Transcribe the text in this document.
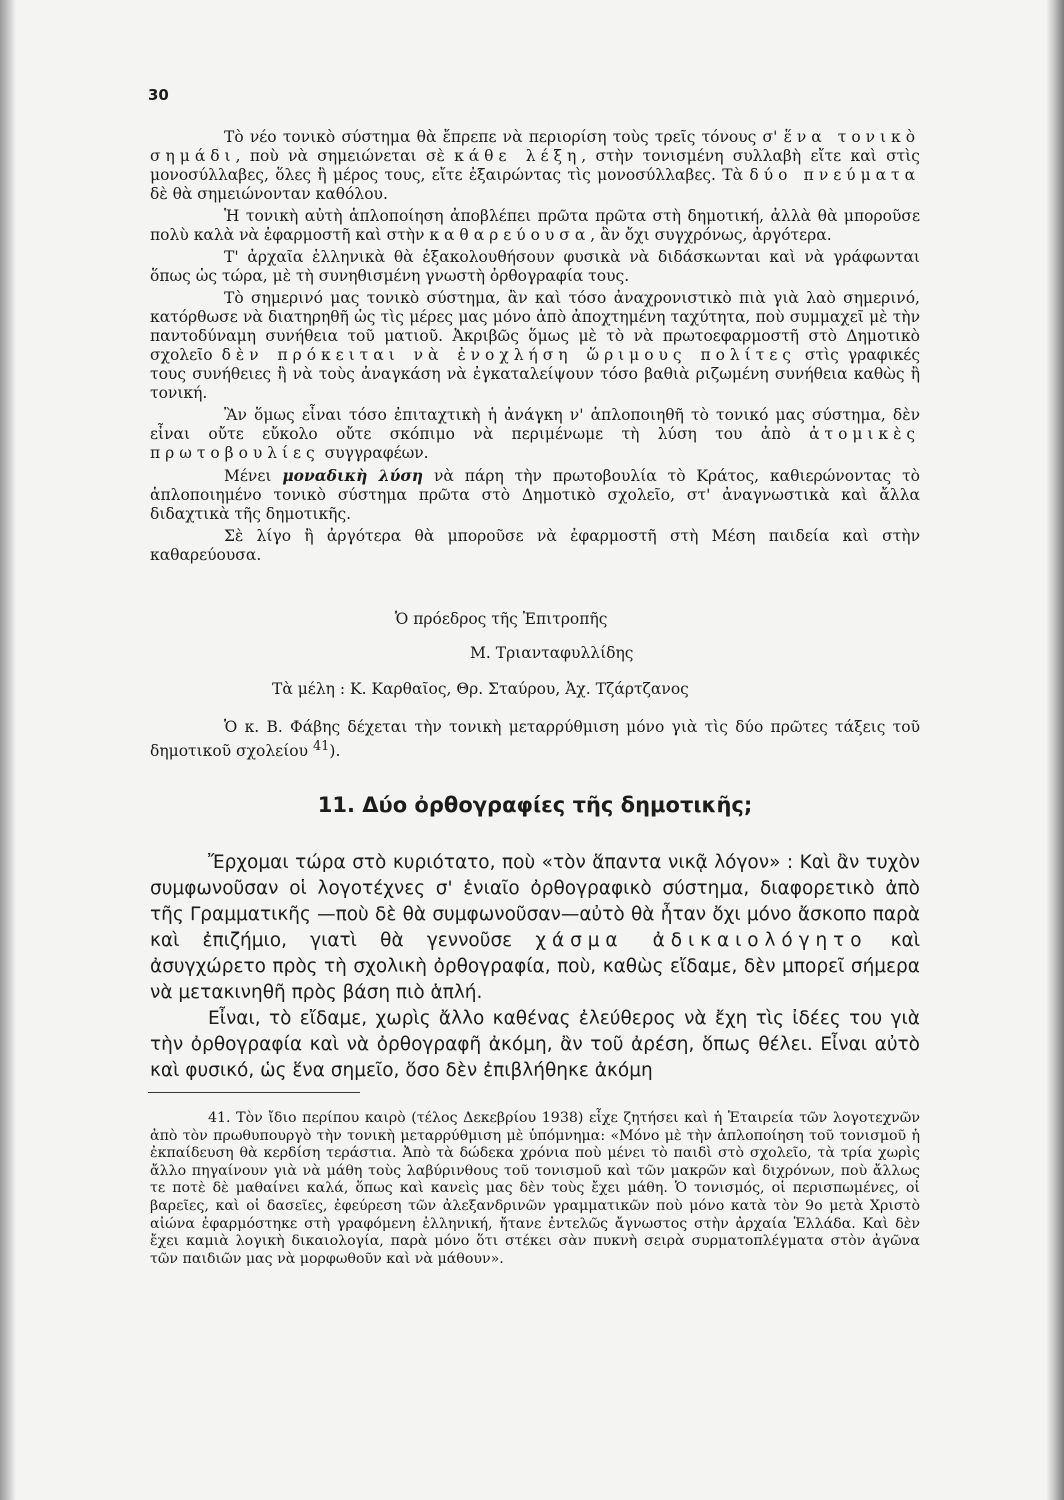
30

Τὸ νέο τονικὸ σύστημα θὰ ἔπρεπε νὰ περιορίση τοὺς τρεῖς τόνους σ' ἕνα τονικὸ σημάδι, ποὺ νὰ σημειώνεται σὲ κάθε λέξη, στὴν τονισμένη συλλαβὴ εἴτε καὶ στὶς μονοσύλλαβες, ὅλες ἢ μέρος τους, εἴτε ἐξαιρώντας τὶς μονοσύλλαβες. Τὰ δύο πνεύματα δὲ θὰ σημειώνονταν καθόλου.

Ἡ τονικὴ αὐτὴ ἁπλοποίηση ἀποβλέπει πρῶτα πρῶτα στὴ δημοτική, ἀλλὰ θὰ μποροῦσε πολὺ καλὰ νὰ ἐφαρμοστῆ καὶ στὴν καθαρεύουσα, ἂν ὄχι συγχρόνως, ἀργότερα.

Τ' ἀρχαῖα ἑλληνικὰ θὰ ἐξακολουθήσουν φυσικὰ νὰ διδάσκωνται καὶ νὰ γράφωνται ὅπως ὡς τώρα, μὲ τὴ συνηθισμένη γνωστὴ ὀρθογραφία τους.

Τὸ σημερινό μας τονικὸ σύστημα, ἂν καὶ τόσο ἀναχρονιστικὸ πιὰ γιὰ λαὸ σημερινό, κατόρθωσε νὰ διατηρηθῆ ὡς τὶς μέρες μας μόνο ἀπὸ ἀποχτημένη ταχύτητα, ποὺ συμμαχεῖ μὲ τὴν παντοδύναμη συνήθεια τοῦ ματιοῦ. Ἀκριβῶς ὅμως μὲ τὸ νὰ πρωτοεφαρμοστῆ στὸ Δημοτικὸ σχολεῖο δὲν πρόκειται νὰ ἐνοχλήση ὥριμους πολίτες στὶς γραφικές τους συνήθειες ἢ νὰ τοὺς ἀναγκάση νὰ ἐγκαταλείψουν τόσο βαθιὰ ριζωμένη συνήθεια καθὼς ἢ τονική.

Ἂν ὅμως εἶναι τόσο ἐπιταχτικὴ ἡ ἀνάγκη ν' ἁπλοποιηθῆ τὸ τονικό μας σύστημα, δὲν εἶναι οὔτε εὔκολο οὔτε σκόπιμο νὰ περιμένωμε τὴ λύση του ἀπὸ ἀτομικὲς πρωτοβουλίες συγγραφέων.

Μένει μοναδικὴ λύση νὰ πάρη τὴν πρωτοβουλία τὸ Κράτος, καθιερώνοντας τὸ ἁπλοποιημένο τονικὸ σύστημα πρῶτα στὸ Δημοτικὸ σχολεῖο, στ' ἀναγνωστικὰ καὶ ἄλλα διδαχτικὰ τῆς δημοτικῆς.

Σὲ λίγο ἢ ἀργότερα θὰ μποροῦσε νὰ ἐφαρμοστῆ στὴ Μέση παιδεία καὶ στὴν καθαρεύουσα.

Ὁ πρόεδρος τῆς Ἐπιτροπῆς
Μ. Τριανταφυλλίδης
Τὰ μέλη : Κ. Καρθαῖος, Θρ. Σταύρου, Ἀχ. Τζάρτζανος

Ὁ κ. Β. Φάβης δέχεται τὴν τονικὴ μεταρρύθμιση μόνο γιὰ τὶς δύο πρῶτες τάξεις τοῦ δημοτικοῦ σχολείου $^{41}$).

11. Δύο ὀρθογραφίες τῆς δημοτικῆς;

Ἔρχομαι τώρα στὸ κυριότατο, ποὺ «τὸν ἅπαντα νικᾷ λόγον» : Καὶ ἂν τυχὸν συμφωνοῦσαν οἱ λογοτέχνες σ' ἑνιαῖο ὀρθογραφικὸ σύστημα, διαφορετικὸ ἀπὸ τῆς Γραμματικῆς —ποὺ δὲ θὰ συμφωνοῦσαν—αὐτὸ θὰ ἦταν ὄχι μόνο ἄσκοπο παρὰ καὶ ἐπιζήμιο, γιατὶ θὰ γεννοῦσε χάσμα ἀδικαιολόγητο καὶ ἀσυγχώρετο πρὸς τὴ σχολικὴ ὀρθογραφία, ποὺ, καθὼς εἴδαμε, δὲν μπορεῖ σήμερα νὰ μετακινηθῆ πρὸς βάση πιὸ ἁπλή.

Εἶναι, τὸ εἴδαμε, χωρὶς ἄλλο καθένας ἐλεύθερος νὰ ἔχη τὶς ἰδέες του γιὰ τὴν ὀρθογραφία καὶ νὰ ὀρθογραφῆ ἀκόμη, ἂν τοῦ ἀρέση, ὅπως θέλει. Εἶναι αὐτὸ καὶ φυσικό, ὡς ἕνα σημεῖο, ὅσο δὲν ἐπιβλήθηκε ἀκόμη

41. Τὸν ἴδιο περίπου καιρὸ (τέλος Δεκεβρίου 1938) εἶχε ζητήσει καὶ ἡ Ἑταιρεία τῶν λογοτεχνῶν ἀπὸ τὸν πρωθυπουργὸ τὴν τονικὴ μεταρρύθμιση μὲ ὑπόμνημα: «Μόνο μὲ τὴν ἁπλοποίηση τοῦ τονισμοῦ ἡ ἐκπαίδευση θὰ κερδίση τεράστια. Ἀπὸ τὰ δώδεκα χρόνια ποὺ μένει τὸ παιδὶ στὸ σχολεῖο, τὰ τρία χωρὶς ἄλλο πηγαίνουν γιὰ νὰ μάθη τοὺς λαβύρινθους τοῦ τονισμοῦ καὶ τῶν μακρῶν καὶ διχρόνων, ποὺ ἄλλως τε ποτὲ δὲ μαθαίνει καλά, ὅπως καὶ κανεὶς μας δὲν τοὺς ἔχει μάθη. Ὁ τονισμός, οἱ περισπωμένες, οἱ βαρεῖες, καὶ οἱ δασεῖες, ἐφεύρεση τῶν ἀλεξανδρινῶν γραμματικῶν ποὺ μόνο κατὰ τὸν 9ο μετὰ Χριστὸ αἰώνα ἐφαρμόστηκε στὴ γραφόμενη ἑλληνική, ἤτανε ἐντελῶς ἄγνωστος στὴν ἀρχαία Ἑλλάδα. Καὶ δὲν ἔχει καμιὰ λογικὴ δικαιολογία, παρὰ μόνο ὅτι στέκει σὰν πυκνὴ σειρὰ συρματοπλέγματα στὸν ἀγῶνα τῶν παιδιῶν μας νὰ μορφωθοῦν καὶ νὰ μάθουν».
